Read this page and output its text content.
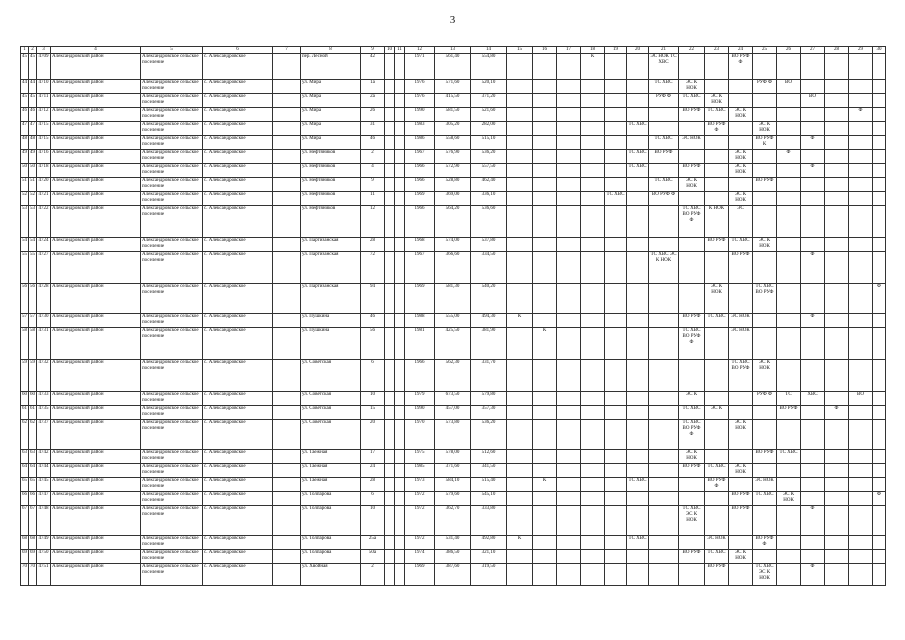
3
1	2	3	4	5	6	7	8	9	10	11	12	13	14	15	16	17	18	19	20	21	22	23	24	25	26	27	28	29	30
45	45	4709	Александровский район	Александровское сельское поселение	с. Александровское		пер. Лесной	42			1971	561,40	554,80				К			ЭС НОК ТС ХВС			ВО РУФ Ф						
44	44	4710	Александровский район	Александровское сельское поселение	с. Александровское		ул. Мира	1а			1976	571,60	520,10							ТС ХВС	ЭС К НОК			РУФ Ф	ВО				
45	45	4711	Александровский район	Александровское сельское поселение	с. Александровское		ул. Мира	2а			1976	415,50	371,20							РУФ Ф	ТС ХВС	ЭС К НОК				ВО			
46	46	4712	Александровский район	Александровское сельское поселение	с. Александровское		ул. Мира	26			1990	581,50	521,60								ВО РУФ	ТС ХВС	ЭС К НОК					Ф	
47	47	4715	Александровский район	Александровское сельское поселение	с. Александровское		ул. Мира	31			1983	305,20	282,00						ТС ХВС			ВО РУФ Ф		ЭС К НОК					
48	48	4715	Александровский район	Александровское сельское поселение	с. Александровское		ул. Мира	46			1986	558,60	515,10							ТС ХВС	ЭС НОК			ВО РУФ К		Ф			
49	49	4716	Александровский район	Александровское сельское поселение	с. Александровское		ул. Нефтяников	2			1967	576,90	536,20						ТС ХВС	ВО РУФ			ЭС К НОК		Ф				
50	50	4718	Александровский район	Александровское сельское поселение	с. Александровское		ул. Нефтяников	4			1966	572,90	557,50						ТС ХВС		ВО РУФ		ЭС К НОК			Ф			
51	51	4720	Александровский район	Александровское сельское поселение	с. Александровское		ул. Нефтяников	9			1966	528,80	462,40							ТС ХВС	ЭС К НОК			ВО РУФ					
52	52	4721	Александровский район	Александровское сельское поселение	с. Александровское		ул. Нефтяников	11			1969	369,00	336,10					ТС ХВС		ВО РУФ Ф			ЭС К НОК						
53	53	4722	Александровский район	Александровское сельское поселение	с. Александровское		ул. Нефтяников	12			1966	564,20	536,60								ТС ХВС ВО РУФ Ф	К НОК	ЭС						
54	54	4724	Александровский район	Александровское сельское поселение	с. Александровское		ул. Партизанская	28			1968	574,00	537,80									ВО РУФ	ТС ХВС	ЭС К НОК					
55	55	4727	Александровский район	Александровское сельское поселение	с. Александровское		ул. Партизанская	72			1967	366,60	334,50							ТС ХВС ЭС К НОК			ВО РУФ			Ф			
56	56	4728	Александровский район	Александровское сельское поселение	с. Александровское		ул. Партизанская	94			1969	581,30	540,20									ЭС К НОК		ТС ХВС ВО РУФ					Ф
57	57	4730	Александровский район	Александровское сельское поселение	с. Александровское		ул. Пушкина	46			1988	555,00	494,30	К							ВО РУФ	ТС ХВС	ЭС НОК			Ф			
58	58	4731	Александровский район	Александровское сельское поселение	с. Александровское		ул. Пушкина	56			1981	425,50	381,90		К						ТС ХВС ВО РУФ Ф		ЭС НОК						
59	59	4732	Александровский район	Александровское сельское поселение	с. Александровское		ул. Советская	6			1966	562,30	331,70										ТС ХВС ВО РУФ	ЭС К НОК					
60	60	4733	Александровский район	Александровское сельское поселение	с. Александровское		ул. Советская	10			1979	673,50	579,80								ЭС К			РУФ Ф	ТС	ХВС		ВО	
61	61	4735	Александровский район	Александровское сельское поселение	с. Александровское		ул. Советская	15			1990	457,00	357,30								ТС ХВС	ЭС К			ВО РУФ		Ф		
62	62	4737	Александровский район	Александровское сельское поселение	с. Александровское		ул. Советская	20			1970	573,80	536,20								ТС ХВС ВО РУФ Ф		ЭС К НОК						
63	63	4742	Александровский район	Александровское сельское поселение	с. Александровское		ул. Таежная	17			1975	578,00	512,60								ЭС К НОК			ВО РУФ	ТС ХВС				
64	64	4744	Александровский район	Александровское сельское поселение	с. Александровское		ул. Таежная	24			1985	371,60	341,50								ВО РУФ	ТС ХВС	ЭС К НОК						
65	65	4745	Александровский район	Александровское сельское поселение	с. Александровское		ул. Таежная	28			1973	584,10	515,40		К				ТС ХВС			ВО РУФ Ф		ЭС НОК					
66	66	4747	Александровский район	Александровское сельское поселение	с. Александровское		ул. Толпарова	6			1972	579,60	545,10										ВО РУФ	ТС ХВС	ЭС К НОК				Ф
67	67	4748	Александровский район	Александровское сельское поселение	с. Александровское		ул. Толпарова	10			1972	362,70	333,80								ТС ХВС ЭС К НОК		ВО РУФ			Ф			
68	68	4749	Александровский район	Александровское сельское поселение	с. Александровское		ул. Толпарова	25а			1972	531,40	492,80	К					ТС ХВС			ЭС НОК		ВО РУФ Ф					
69	69	4750	Александровский район	Александровское сельское поселение	с. Александровское		ул. Толпарова	50а			1974	386,50	321,10								ВО РУФ	ТС ХВС	ЭС К НОК						
70	70	4751	Александровский район	Александровское сельское поселение	с. Александровское		ул. Хвойная	2			1969	387,60	319,50									ВО РУФ		ТС ХВС ЭС К НОК		Ф			
